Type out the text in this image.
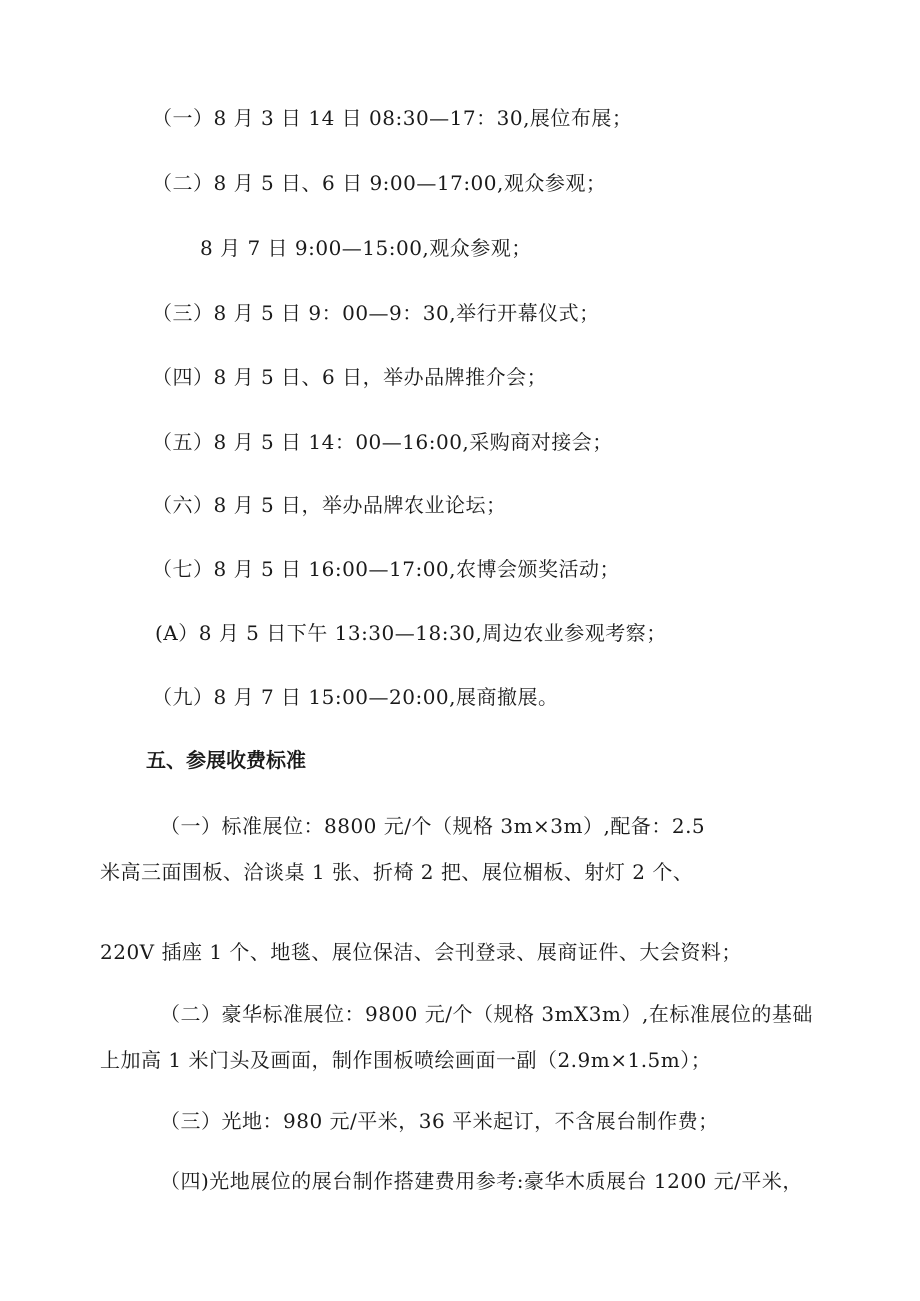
（一）8 月 3 日 14 日 08:30—17：30,展位布展；
（二）8 月 5 日、6 日 9:00—17:00,观众参观；
8 月 7 日 9:00—15:00,观众参观；
（三）8 月 5 日 9：00—9：30,举行开幕仪式；
（四）8 月 5 日、6 日，举办品牌推介会；
（五）8 月 5 日 14：00—16:00,采购商对接会；
（六）8 月 5 日，举办品牌农业论坛；
（七）8 月 5 日 16:00—17:00,农博会颁奖活动；
(A）8 月 5 日下午 13:30—18:30,周边农业参观考察；
（九）8 月 7 日 15:00—20:00,展商撤展。
五、参展收费标准
（一）标准展位：8800 元/个（规格 3m×3m）,配备：2.5
米高三面围板、洽谈桌 1 张、折椅 2 把、展位楣板、射灯 2 个、
220V 插座 1 个、地毯、展位保洁、会刊登录、展商证件、大会资料；
（二）豪华标准展位：9800 元/个（规格 3mX3m）,在标准展位的基础
上加高 1 米门头及画面，制作围板喷绘画面一副（2.9m×1.5m）；
（三）光地：980 元/平米，36 平米起订，不含展台制作费；
（四)光地展位的展台制作搭建费用参考:豪华木质展台 1200 元/平米，
